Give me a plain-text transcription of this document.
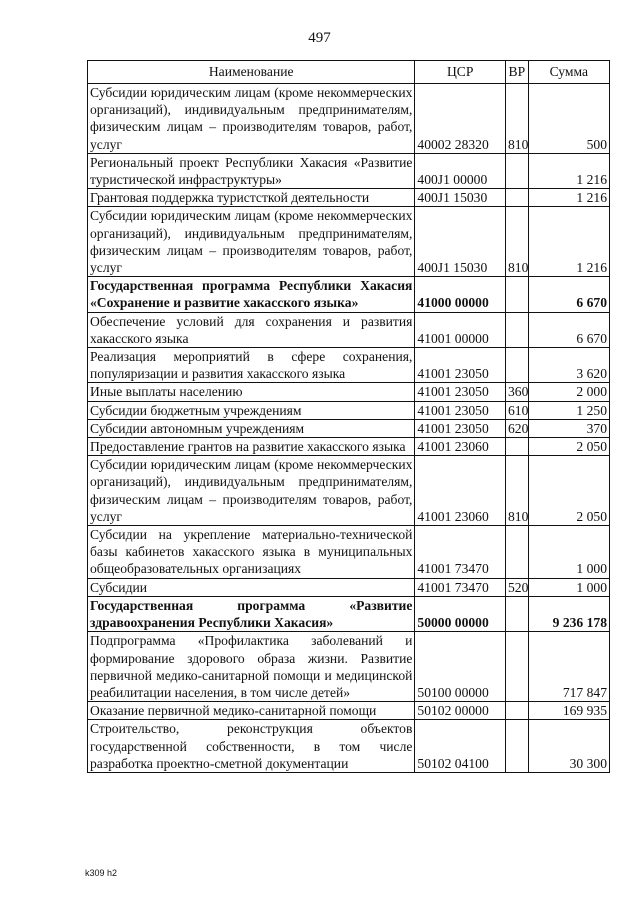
497
Наименование	ЦСР	ВР	Сумма
Субсидии юридическим лицам (кроме некоммерческих организаций), индивидуальным предпринимателям, физическим лицам – производителям товаров, работ, услуг	40002 28320	810	500
Региональный проект Республики Хакасия «Развитие туристической инфраструктуры»	400J1 00000		1 216
Грантовая поддержка туристсткой деятельности	400J1 15030		1 216
Субсидии юридическим лицам (кроме некоммерческих организаций), индивидуальным предпринимателям, физическим лицам – производителям товаров, работ, услуг	400J1 15030	810	1 216
Государственная программа Республики Хакасия «Сохранение и развитие хакасского языка»	41000 00000		6 670
Обеспечение условий для сохранения и развития хакасского языка	41001 00000		6 670
Реализация мероприятий в сфере сохранения, популяризации и развития хакасского языка	41001 23050		3 620
Иные выплаты населению	41001 23050	360	2 000
Субсидии бюджетным учреждениям	41001 23050	610	1 250
Субсидии автономным учреждениям	41001 23050	620	370
Предоставление грантов на развитие хакасского языка	41001 23060		2 050
Субсидии юридическим лицам (кроме некоммерческих организаций), индивидуальным предпринимателям, физическим лицам – производителям товаров, работ, услуг	41001 23060	810	2 050
Субсидии на укрепление материально-технической базы кабинетов хакасского языка в муниципальных общеобразовательных организациях	41001 73470		1 000
Субсидии	41001 73470	520	1 000
Государственная программа «Развитие здравоохранения Республики Хакасия»	50000 00000		9 236 178
Подпрограмма «Профилактика заболеваний и формирование здорового образа жизни. Развитие первичной медико-санитарной помощи и медицинской реабилитации населения, в том числе детей»	50100 00000		717 847
Оказание первичной медико-санитарной помощи	50102 00000		169 935
Строительство, реконструкция объектов государственной собственности, в том числе разработка проектно-сметной документации	50102 04100		30 300
k309 h2
